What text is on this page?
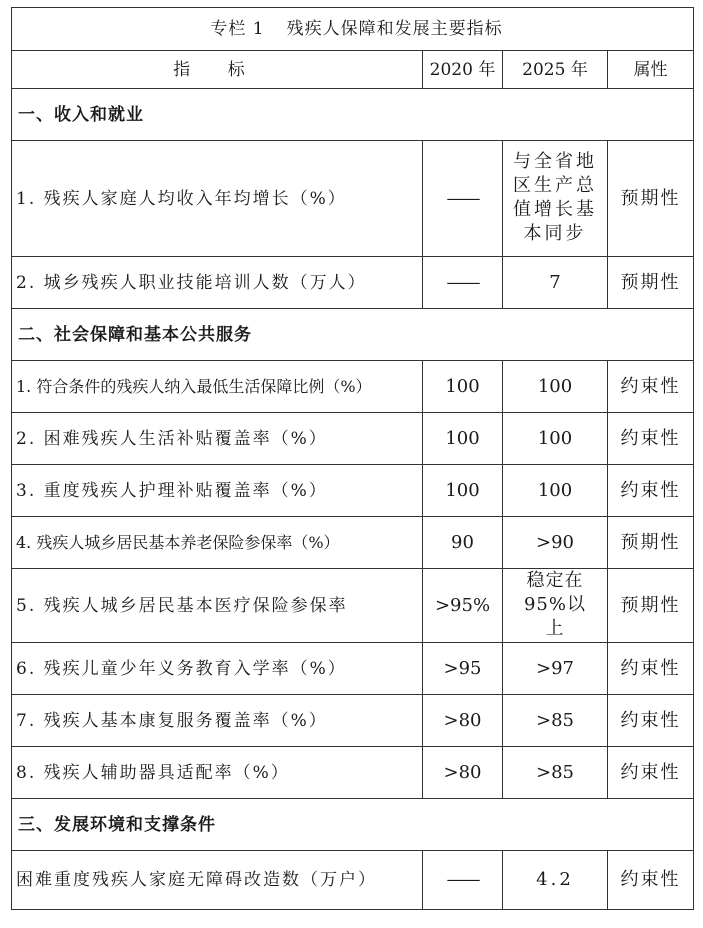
专栏 1 残疾人保障和发展主要指标			
指 标	2020 年	2025 年	属性
一、收入和就业			
1. 残疾人家庭人均收入年均增长（%）	——	与全省地区生产总值增长基本同步	预期性
2. 城乡残疾人职业技能培训人数（万人）	——	7	预期性
二、社会保障和基本公共服务			
1. 符合条件的残疾人纳入最低生活保障比例（%）	100	100	约束性
2. 困难残疾人生活补贴覆盖率（%）	100	100	约束性
3. 重度残疾人护理补贴覆盖率（%）	100	100	约束性
4. 残疾人城乡居民基本养老保险参保率（%）	90	>90	预期性
5. 残疾人城乡居民基本医疗保险参保率	>95%	稳定在 95%以上	预期性
6. 残疾儿童少年义务教育入学率（%）	>95	>97	约束性
7. 残疾人基本康复服务覆盖率（%）	>80	>85	约束性
8. 残疾人辅助器具适配率（%）	>80	>85	约束性
三、发展环境和支撑条件			
困难重度残疾人家庭无障碍改造数（万户）	——	4.2	约束性
